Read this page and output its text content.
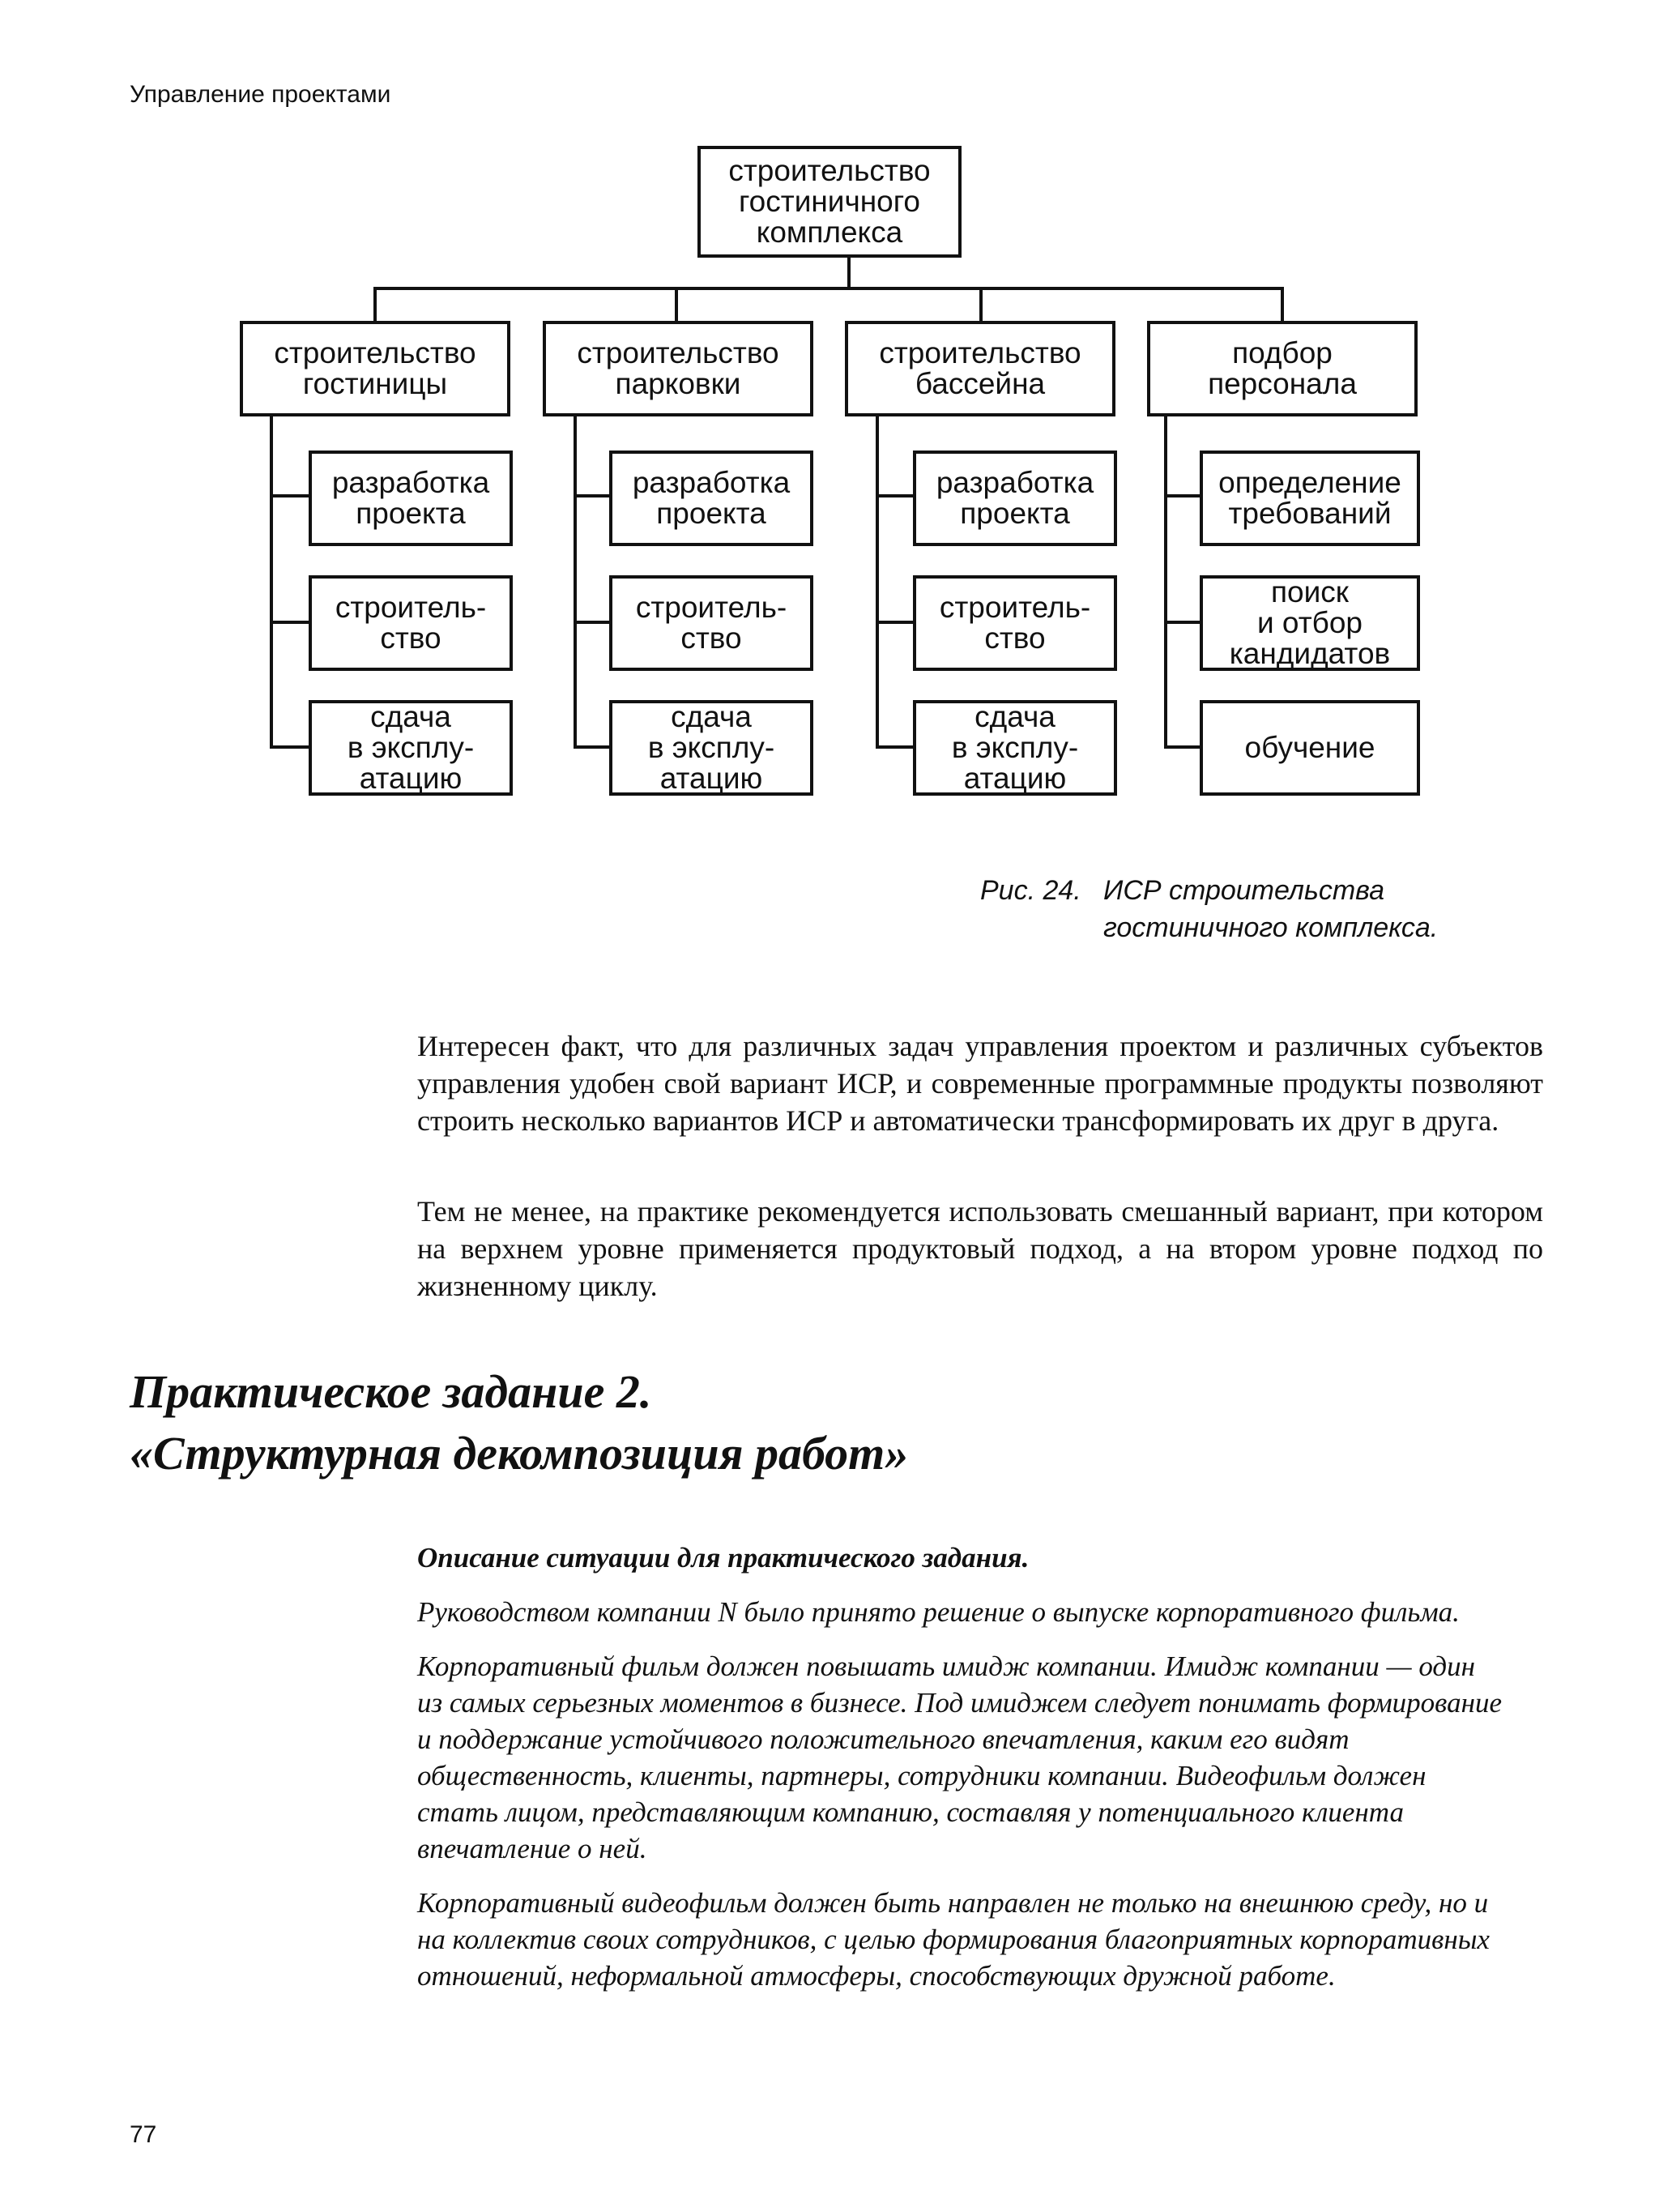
Управление проектами
строительство
гостиничного
комплекса
строительство
гостиницы
строительство
парковки
строительство
бассейна
подбор
персонала
разработка
проекта
строитель-
ство
сдача
в эксплу-
атацию
разработка
проекта
строитель-
ство
сдача
в эксплу-
атацию
разработка
проекта
строитель-
ство
сдача
в эксплу-
атацию
определение
требований
поиск
и отбор
кандидатов
обучение
Рис. 24. ИСР строительства
гостиничного комплекса.

Интересен факт, что для различных задач управления проектом и различных субъектов управления удобен свой вариант ИСР, и современные программные продукты позволяют строить несколько вариантов ИСР и автоматически трансформировать их друг в друга.

Тем не менее, на практике рекомендуется использовать смешанный вариант, при котором на верхнем уровне применяется продуктовый подход, а на втором уровне подход по жизненному циклу.

Практическое задание 2.
«Структурная декомпозиция работ»

Описание ситуации для практического задания.

Руководством компании N было принято решение о выпуске корпоративного фильма.

Корпоративный фильм должен повышать имидж компании. Имидж компании — один из самых серьезных моментов в бизнесе. Под имиджем следует понимать формирование и поддержание устойчивого положительного впечатления, каким его видят общественность, клиенты, партнеры, сотрудники компании. Видеофильм должен стать лицом, представляющим компанию, составляя у потенциального клиента впечатление о ней.

Корпоративный видеофильм должен быть направлен не только на внешнюю среду, но и на коллектив своих сотрудников, с целью формирования благоприятных корпоративных отношений, неформальной атмосферы, способствующих дружной работе.

77
